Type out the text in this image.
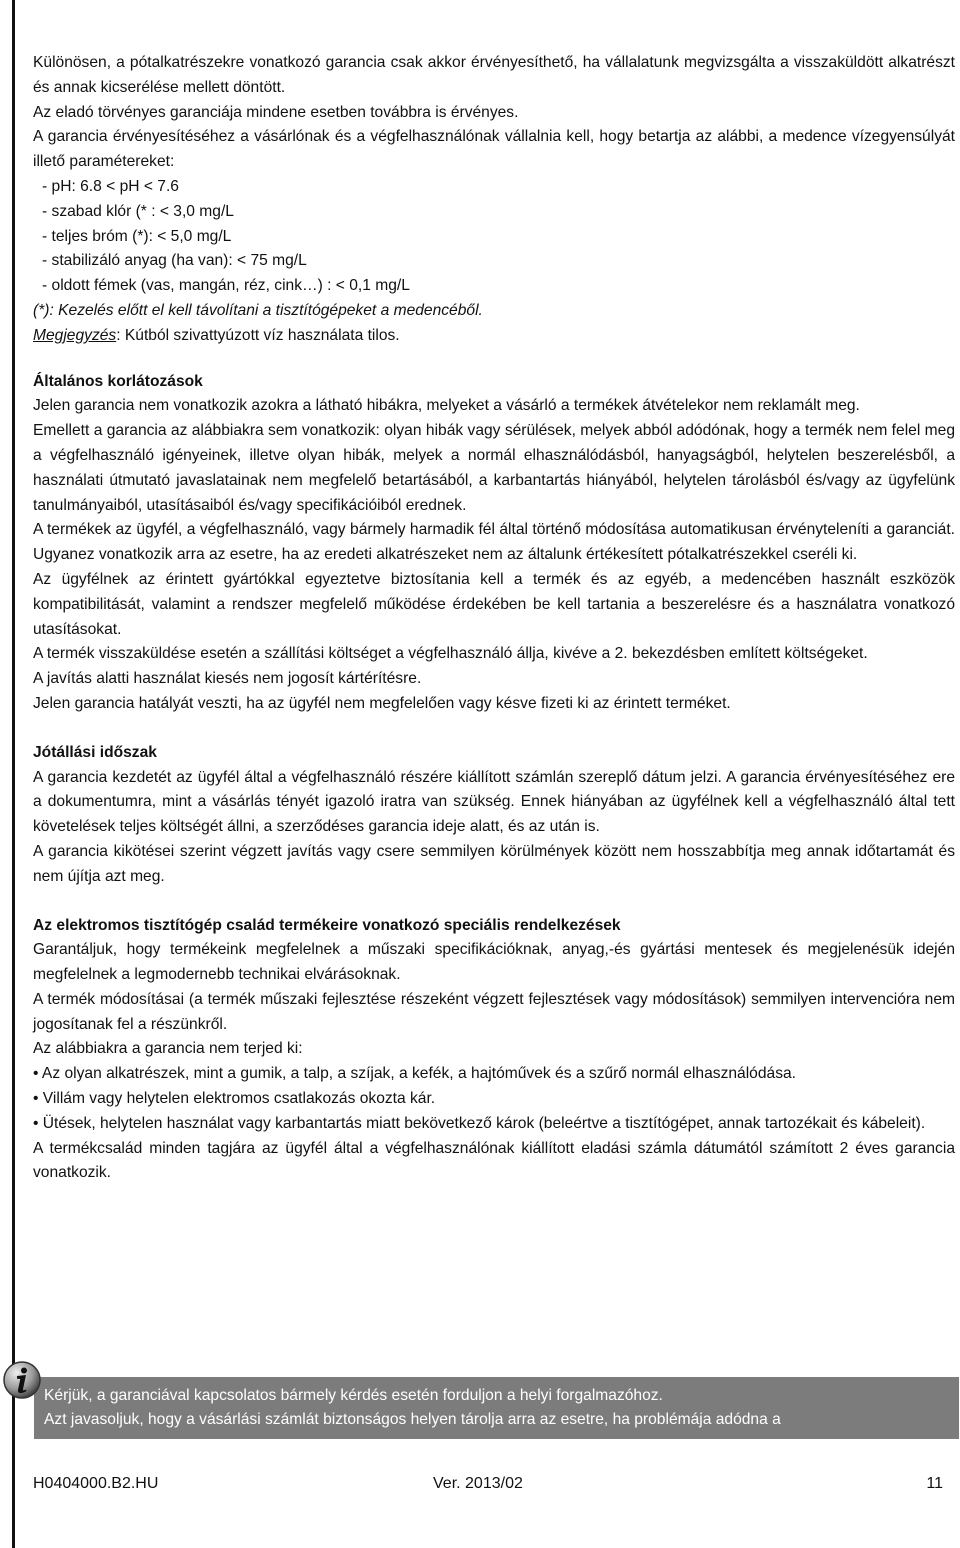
Különösen, a pótalkatrészekre vonatkozó garancia csak akkor érvényesíthető, ha vállalatunk megvizsgálta a visszaküldött alkatrészt és annak kicserélése mellett döntött.

Az eladó törvényes garanciája mindene esetben továbbra is érvényes.

A garancia érvényesítéséhez a vásárlónak és a végfelhasználónak vállalnia kell, hogy betartja az alábbi, a medence vízegyensúlyát illető paramétereket:

- pH: 6.8 < pH < 7.6

- szabad klór (* : < 3,0 mg/L

- teljes bróm (*): < 5,0 mg/L

- stabilizáló anyag (ha van): < 75 mg/L

- oldott fémek (vas, mangán, réz, cink…) : < 0,1 mg/L

(*): Kezelés előtt el kell távolítani a tisztítógépeket a medencéből.

Megjegyzés: Kútból szivattyúzott víz használata tilos.

Általános korlátozások

Jelen garancia nem vonatkozik azokra a látható hibákra, melyeket a vásárló a termékek átvételekor nem reklamált meg.

Emellett a garancia az alábbiakra sem vonatkozik: olyan hibák vagy sérülések, melyek abból adódónak, hogy a termék nem felel meg a végfelhasználó igényeinek, illetve olyan hibák, melyek a normál elhasználódásból, hanyagságból, helytelen beszerelésből, a használati útmutató javaslatainak nem megfelelő betartásából, a karbantartás hiányából, helytelen tárolásból és/vagy az ügyfelünk tanulmányaiból, utasításaiból és/vagy specifikációiból erednek.

A termékek az ügyfél, a végfelhasználó, vagy bármely harmadik fél által történő módosítása automatikusan érvényteleníti a garanciát. Ugyanez vonatkozik arra az esetre, ha az eredeti alkatrészeket nem az általunk értékesített pótalkatrészekkel cseréli ki.

Az ügyfélnek az érintett gyártókkal egyeztetve biztosítania kell a termék és az egyéb, a medencében használt eszközök kompatibilitását, valamint a rendszer megfelelő működése érdekében be kell tartania a beszerelésre és a használatra vonatkozó utasításokat.

A termék visszaküldése esetén a szállítási költséget a végfelhasználó állja, kivéve a 2. bekezdésben említett költségeket.

A javítás alatti használat kiesés nem jogosít kártérítésre.

Jelen garancia hatályát veszti, ha az ügyfél nem megfelelően vagy késve fizeti ki az érintett terméket.

Jótállási időszak

A garancia kezdetét az ügyfél által a végfelhasználó részére kiállított számlán szereplő dátum jelzi. A garancia érvényesítéséhez ere a dokumentumra, mint a vásárlás tényét igazoló iratra van szükség. Ennek hiányában az ügyfélnek kell a végfelhasználó által tett követelések teljes költségét állni, a szerződéses garancia ideje alatt, és az után is.

A garancia kikötései szerint végzett javítás vagy csere semmilyen körülmények között nem hosszabbítja meg annak időtartamát és nem újítja azt meg.

Az elektromos tisztítógép család termékeire vonatkozó speciális rendelkezések

Garantáljuk, hogy termékeink megfelelnek a műszaki specifikációknak, anyag,-és gyártási mentesek és megjelenésük idején megfelelnek a legmodernebb technikai elvárásoknak.

A termék módosításai (a termék műszaki fejlesztése részeként végzett fejlesztések vagy módosítások) semmilyen intervencióra nem jogosítanak fel a részünkről.

Az alábbiakra a garancia nem terjed ki:

• Az olyan alkatrészek, mint a gumik, a talp, a szíjak, a kefék, a hajtóművek és a szűrő normál elhasználódása.

• Villám vagy helytelen elektromos csatlakozás okozta kár.

• Ütések, helytelen használat vagy karbantartás miatt bekövetkező károk (beleértve a tisztítógépet, annak tartozékait és kábeleit).

A termékcsalád minden tagjára az ügyfél által a végfelhasználónak kiállított eladási számla dátumától számított 2 éves garancia vonatkozik.

Kérjük, a garanciával kapcsolatos bármely kérdés esetén forduljon a helyi forgalmazóhoz.

Azt javasoljuk, hogy a vásárlási számlát biztonságos helyen tárolja arra az esetre, ha problémája adódna a

H0404000.B2.HU	Ver. 2013/02	11
